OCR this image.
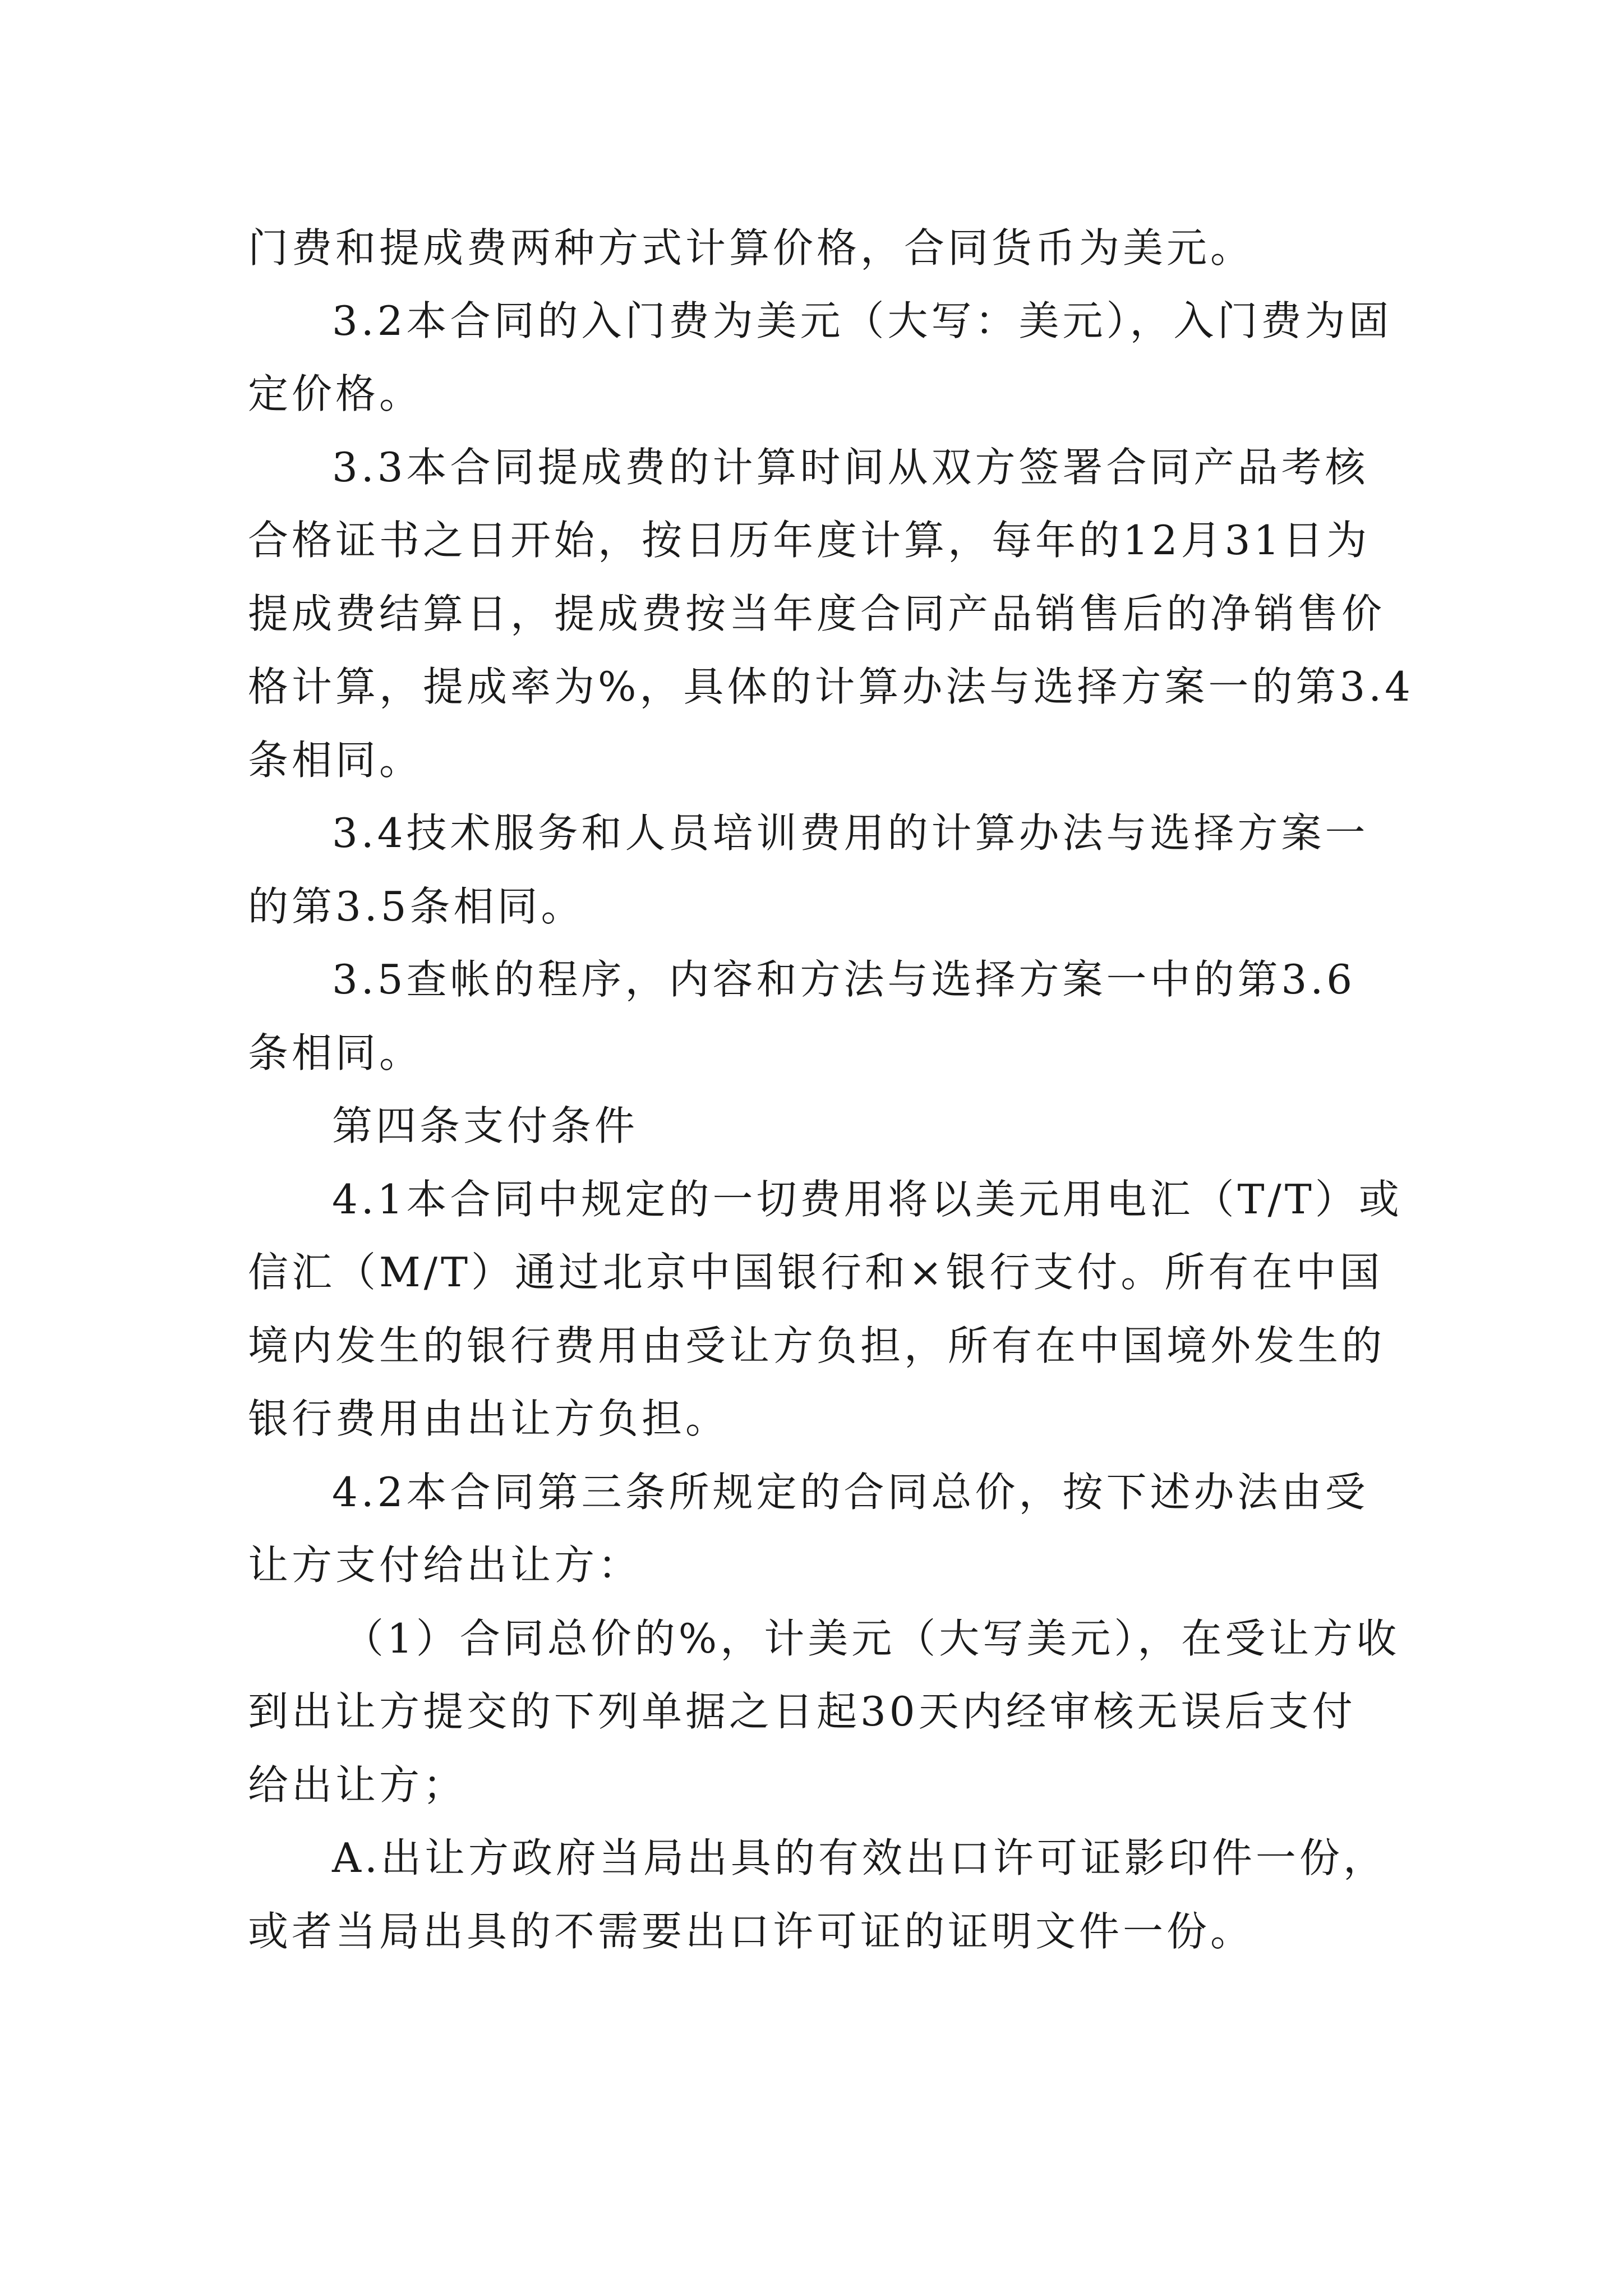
门费和提成费两种方式计算价格，合同货币为美元。
3.2本合同的入门费为美元（大写：美元），入门费为固
定价格。
3.3本合同提成费的计算时间从双方签署合同产品考核
合格证书之日开始，按日历年度计算，每年的12月31日为
提成费结算日，提成费按当年度合同产品销售后的净销售价
格计算，提成率为%，具体的计算办法与选择方案一的第3.4
条相同。
3.4技术服务和人员培训费用的计算办法与选择方案一
的第3.5条相同。
3.5查帐的程序，内容和方法与选择方案一中的第3.6
条相同。
第四条支付条件
4.1本合同中规定的一切费用将以美元用电汇（T/T）或
信汇（M/T）通过北京中国银行和×银行支付。所有在中国
境内发生的银行费用由受让方负担，所有在中国境外发生的
银行费用由出让方负担。
4.2本合同第三条所规定的合同总价，按下述办法由受
让方支付给出让方：
（1）合同总价的%，计美元（大写美元），在受让方收
到出让方提交的下列单据之日起30天内经审核无误后支付
给出让方；
A.出让方政府当局出具的有效出口许可证影印件一份，
或者当局出具的不需要出口许可证的证明文件一份。
